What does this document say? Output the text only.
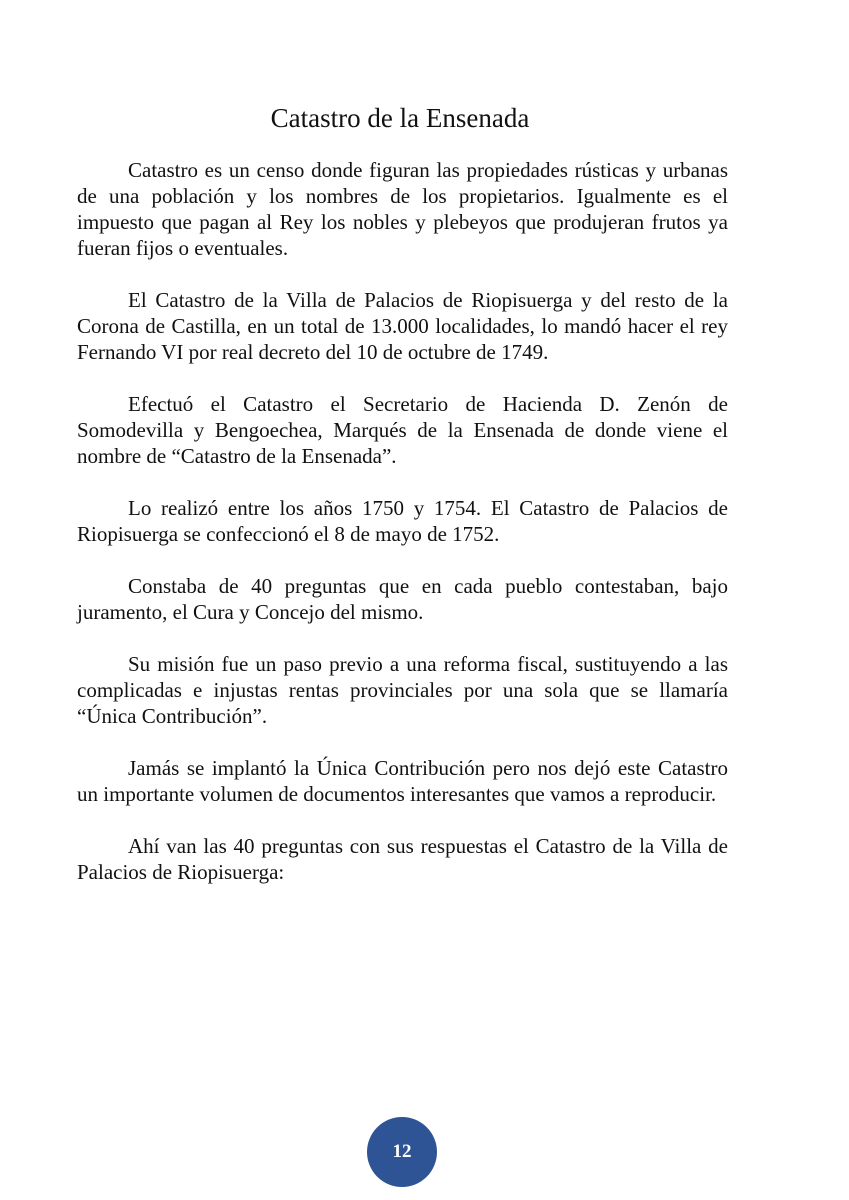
Catastro de la Ensenada

Catastro es un censo donde figuran las propiedades rústicas y urbanas de una población y los nombres de los propietarios. Igualmente es el impuesto que pagan al Rey los nobles y plebeyos que produjeran frutos ya fueran fijos o eventuales.

El Catastro de la Villa de Palacios de Riopisuerga y del resto de la Corona de Castilla, en un total de 13.000 localidades, lo mandó hacer el rey Fernando VI por real decreto del 10 de octubre de 1749.

Efectuó el Catastro el Secretario de Hacienda D. Zenón de Somodevilla y Bengoechea, Marqués de la Ensenada de donde viene el nombre de “Catastro de la Ensenada”.

Lo realizó entre los años 1750 y 1754. El Catastro de Palacios de Riopisuerga se confeccionó el 8 de mayo de 1752.

Constaba de 40 preguntas que en cada pueblo contestaban, bajo juramento, el Cura y Concejo del mismo.

Su misión fue un paso previo a una reforma fiscal, sustituyendo a las complicadas e injustas rentas provinciales por una sola que se llamaría “Única Contribución”.

Jamás se implantó la Única Contribución pero nos dejó este Catastro un importante volumen de documentos interesantes que vamos a reproducir.

Ahí van las 40 preguntas con sus respuestas el Catastro de la Villa de Palacios de Riopisuerga:

12
